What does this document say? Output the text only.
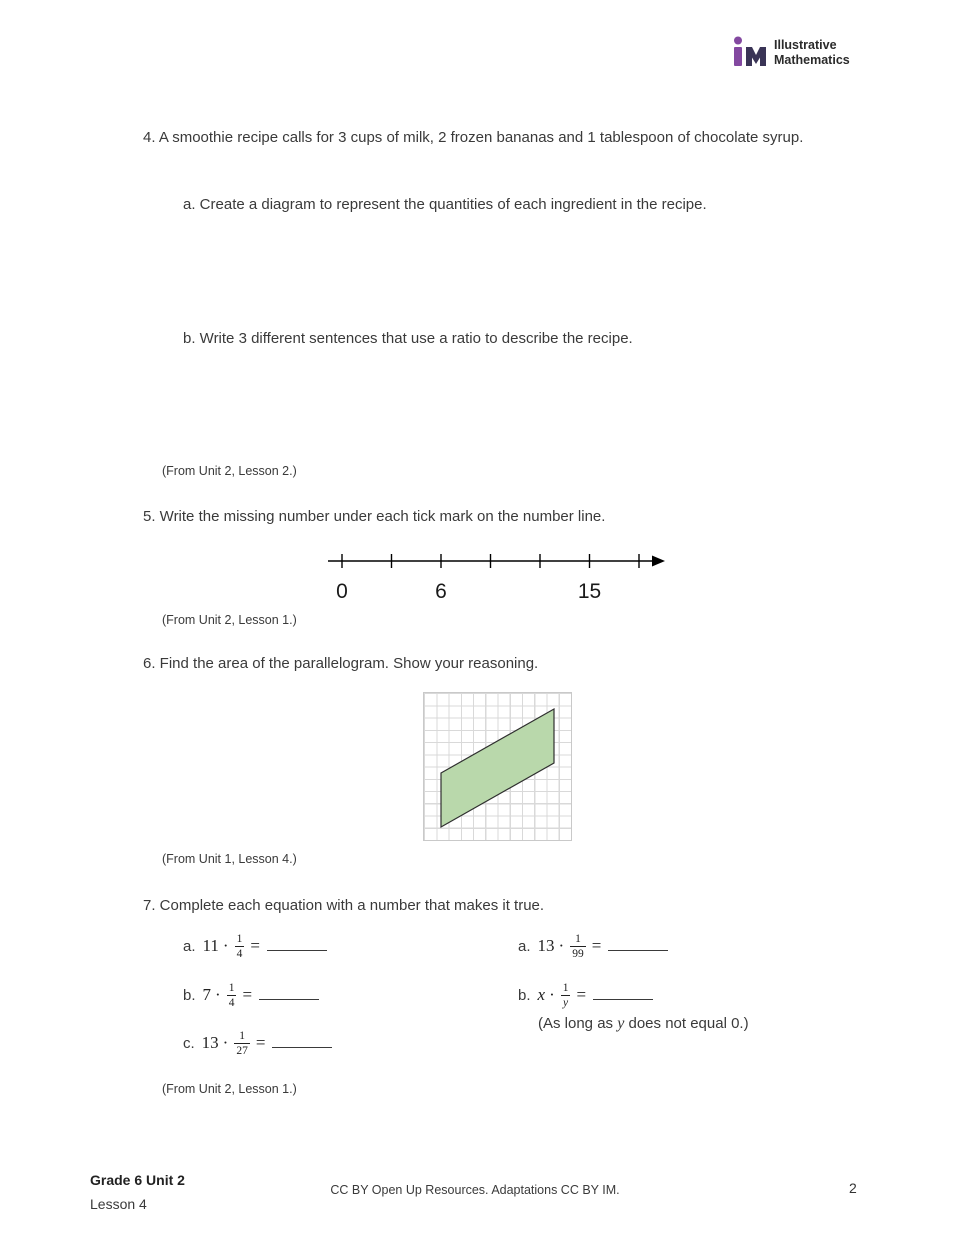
Illustrative
Mathematics
4. A smoothie recipe calls for 3 cups of milk, 2 frozen bananas and 1 tablespoon of chocolate syrup.
a. Create a diagram to represent the quantities of each ingredient in the recipe.
b. Write 3 different sentences that use a ratio to describe the recipe.
(From Unit 2, Lesson 2.)
5. Write the missing number under each tick mark on the number line.
0	6	15
(From Unit 2, Lesson 1.)
6. Find the area of the parallelogram. Show your reasoning.
(From Unit 1, Lesson 4.)
7. Complete each equation with a number that makes it true.
a. $11 \cdot \frac{1}{4}$ =
b. $7 \cdot \frac{1}{4}$ =
c. $13 \cdot \frac{1}{27}$ =
a. $13 \cdot \frac{1}{99}$ =
b. $x \cdot \frac{1}{y}$ =
(As long as y does not equal 0.)
(From Unit 2, Lesson 1.)
Grade 6 Unit 2
Lesson 4
CC BY Open Up Resources. Adaptations CC BY IM.	2
